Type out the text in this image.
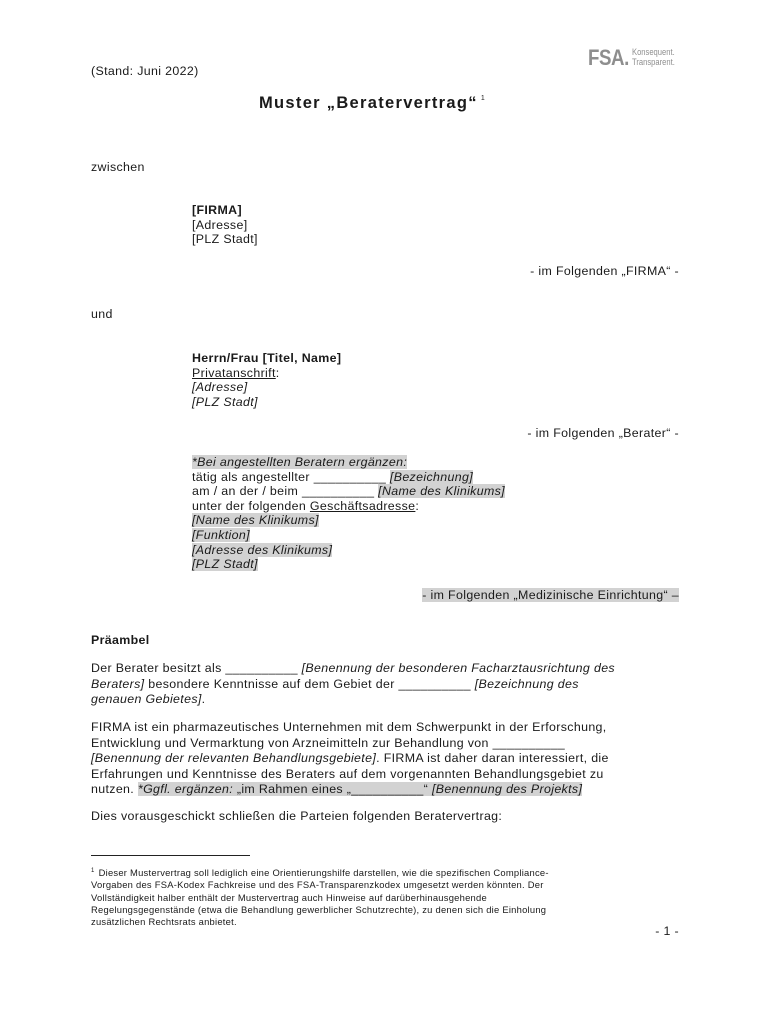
FSA. Konsequent.
Transparent.
(Stand: Juni 2022)
Muster „Beratervertrag“ $^1$
zwischen
[FIRMA]
[Adresse]
[PLZ Stadt]
- im Folgenden „FIRMA“ -
und
Herrn/Frau [Titel, Name]
Privatanschrift:
[Adresse]
[PLZ Stadt]
- im Folgenden „Berater“ -
*Bei angestellten Beratern ergänzen:
tätig als angestellter __________ [Bezeichnung]
am / an der / beim __________ [Name des Klinikums]
unter der folgenden Geschäftsadresse:
[Name des Klinikums]
[Funktion]
[Adresse des Klinikums]
[PLZ Stadt]
- im Folgenden „Medizinische Einrichtung“ –
Präambel
Der Berater besitzt als __________ [Benennung der besonderen Facharztausrichtung des
Beraters] besondere Kenntnisse auf dem Gebiet der __________ [Bezeichnung des
genauen Gebietes].
FIRMA ist ein pharmazeutisches Unternehmen mit dem Schwerpunkt in der Erforschung,
Entwicklung und Vermarktung von Arzneimitteln zur Behandlung von __________
[Benennung der relevanten Behandlungsgebiete]. FIRMA ist daher daran interessiert, die
Erfahrungen und Kenntnisse des Beraters auf dem vorgenannten Behandlungsgebiet zu
nutzen. *Ggfl. ergänzen: „im Rahmen eines „__________“ [Benennung des Projekts]
Dies vorausgeschickt schließen die Parteien folgenden Beratervertrag:
$^1$ Dieser Mustervertrag soll lediglich eine Orientierungshilfe darstellen, wie die spezifischen Compliance-
Vorgaben des FSA-Kodex Fachkreise und des FSA-Transparenzkodex umgesetzt werden könnten. Der
Vollständigkeit halber enthält der Mustervertrag auch Hinweise auf darüberhinausgehende
Regelungsgegenstände (etwa die Behandlung gewerblicher Schutzrechte), zu denen sich die Einholung
zusätzlichen Rechtsrats anbietet.
- 1 -
